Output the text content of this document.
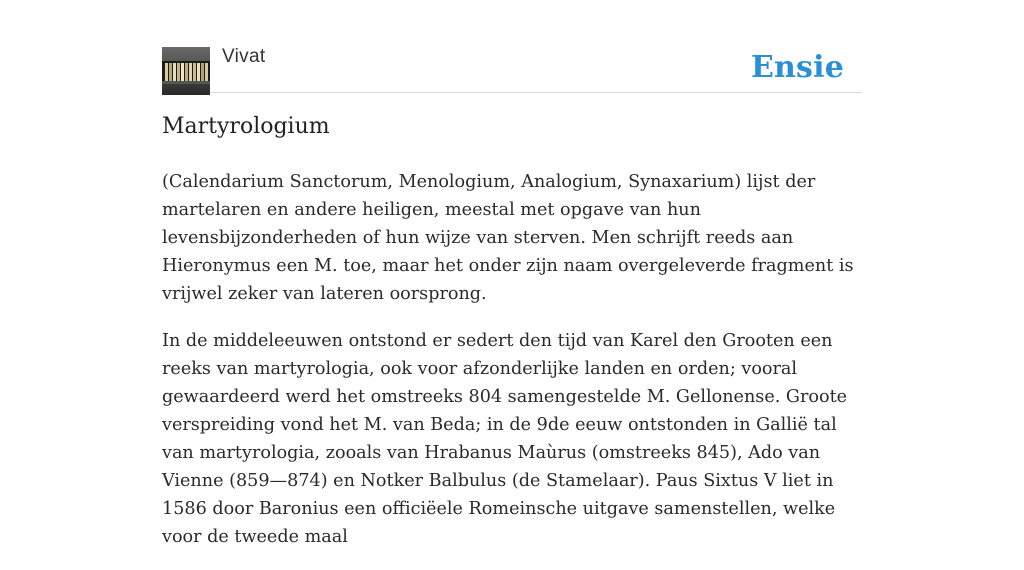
Vivat	Ensie
Martyrologium

(Calendarium Sanctorum, Menologium, Analogium, Synaxarium) lijst der martelaren en andere heiligen, meestal met opgave van hun levensbijzonderheden of hun wijze van sterven. Men schrijft reeds aan Hieronymus een M. toe, maar het onder zijn naam overgeleverde fragment is vrijwel zeker van lateren oorsprong.

In de middeleeuwen ontstond er sedert den tijd van Karel den Grooten een reeks van martyrologia, ook voor afzonderlijke landen en orden; vooral gewaardeerd werd het omstreeks 804 samengestelde M. Gellonense. Groote verspreiding vond het M. van Beda; in de 9de eeuw ontstonden in Gallië tal van martyrologia, zooals van Hrabanus Maùrus (omstreeks 845), Ado van Vienne (859—874) en Notker Balbulus (de Stamelaar). Paus Sixtus V liet in 1586 door Baronius een officiëele Romeinsche uitgave samenstellen, welke voor de tweede maal
